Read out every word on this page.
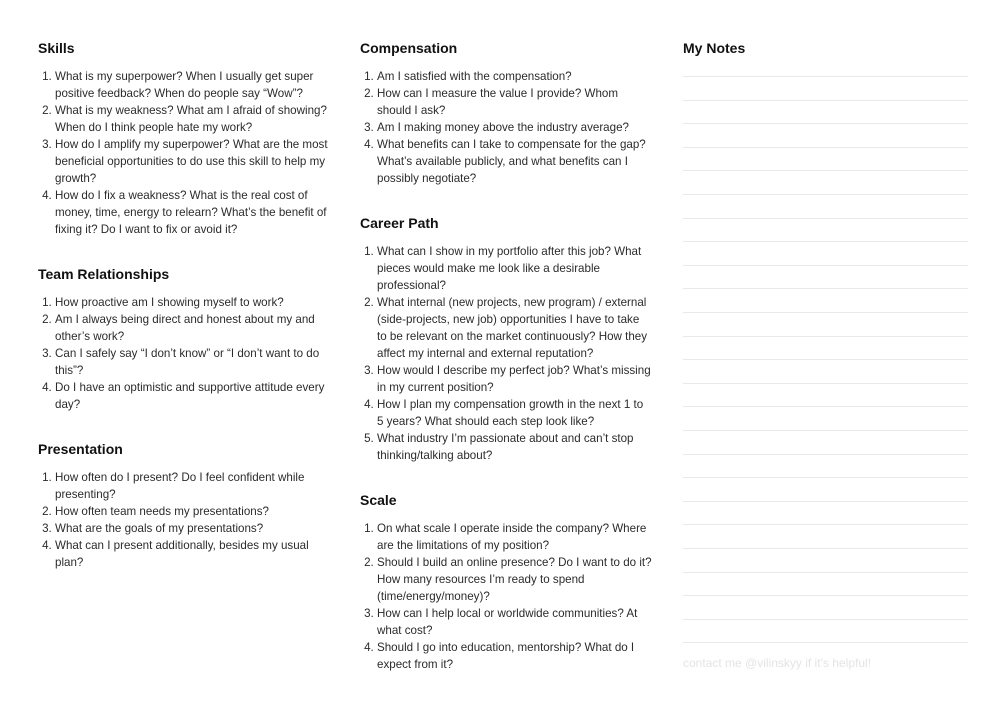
Skills
1. What is my superpower? When I usually get super positive feedback? When do people say “Wow”?
2. What is my weakness? What am I afraid of showing? When do I think people hate my work?
3. How do I amplify my superpower? What are the most beneficial opportunities to do use this skill to help my growth?
4. How do I fix a weakness? What is the real cost of money, time, energy to relearn? What’s the benefit of fixing it? Do I want to fix or avoid it?
Team Relationships
1. How proactive am I showing myself to work?
2. Am I always being direct and honest about my and other’s work?
3. Can I safely say “I don’t know” or “I don’t want to do this”?
4. Do I have an optimistic and supportive attitude every day?
Presentation
1. How often do I present? Do I feel confident while presenting?
2. How often team needs my presentations?
3. What are the goals of my presentations?
4. What can I present additionally, besides my usual plan?
Compensation
1. Am I satisfied with the compensation?
2. How can I measure the value I provide? Whom should I ask?
3. Am I making money above the industry average?
4. What benefits can I take to compensate for the gap? What’s available publicly, and what benefits can I possibly negotiate?
Career Path
1. What can I show in my portfolio after this job? What pieces would make me look like a desirable professional?
2. What internal (new projects, new program) / external (side-projects, new job) opportunities I have to take to be relevant on the market continuously? How they affect my internal and external reputation?
3. How would I describe my perfect job? What’s missing in my current position?
4. How I plan my compensation growth in the next 1 to 5 years? What should each step look like?
5. What industry I’m passionate about and can’t stop thinking/talking about?
Scale
1. On what scale I operate inside the company? Where are the limitations of my position?
2. Should I build an online presence? Do I want to do it? How many resources I’m ready to spend (time/energy/money)?
3. How can I help local or worldwide communities? At what cost?
4. Should I go into education, mentorship? What do I expect from it?
My Notes
contact me @vilinskyy if it’s helpful!
